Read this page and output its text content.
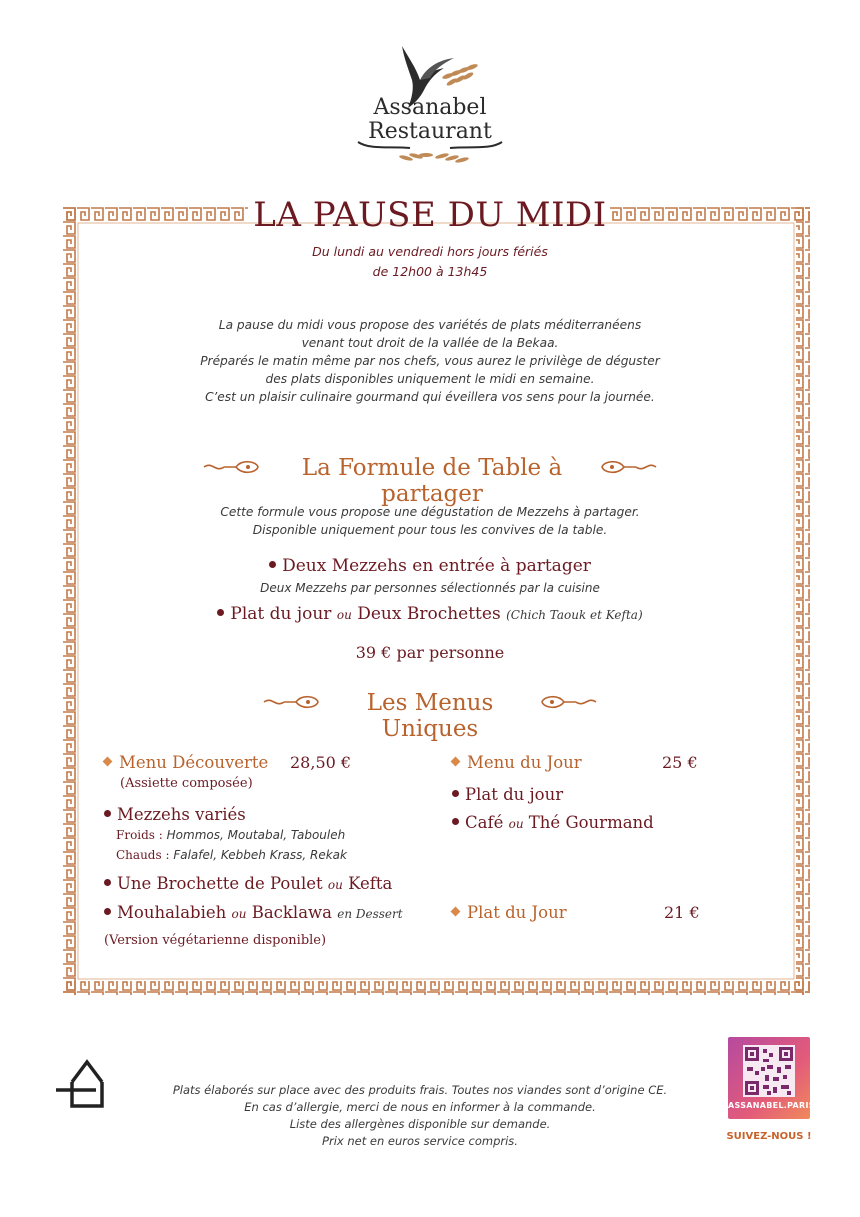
Assanabel
Restaurant
LA PAUSE DU MIDI
Du lundi au vendredi hors jours fériés
de 12h00 à 13h45
La pause du midi vous propose des variétés de plats méditerranéens
venant tout droit de la vallée de la Bekaa.
Préparés le matin même par nos chefs, vous aurez le privilège de déguster
des plats disponibles uniquement le midi en semaine.
C’est un plaisir culinaire gourmand qui éveillera vos sens pour la journée.
La Formule de Table à partager
Cette formule vous propose une dégustation de Mezzehs à partager.
Disponible uniquement pour tous les convives de la table.
Deux Mezzehs en entrée à partager
Deux Mezzehs par personnes sélectionnés par la cuisine
Plat du jour ou Deux Brochettes (Chich Taouk et Kefta)
39 € par personne
Les Menus Uniques
Menu Découverte 28,50 €
(Assiette composée)
Mezzehs variés
Froids : Hommos, Moutabal, Tabouleh
Chauds : Falafel, Kebbeh Krass, Rekak
Une Brochette de Poulet ou Kefta
Mouhalabieh ou Backlawa en Dessert
(Version végétarienne disponible)
Menu du Jour	25 €
Plat du jour
Café ou Thé Gourmand
Plat du Jour	21 €
Plats élaborés sur place avec des produits frais. Toutes nos viandes sont d’origine CE.
En cas d’allergie, merci de nous en informer à la commande.
Liste des allergènes disponible sur demande.
Prix net en euros service compris.
ASSANABEL.PARIS
SUIVEZ-NOUS !
